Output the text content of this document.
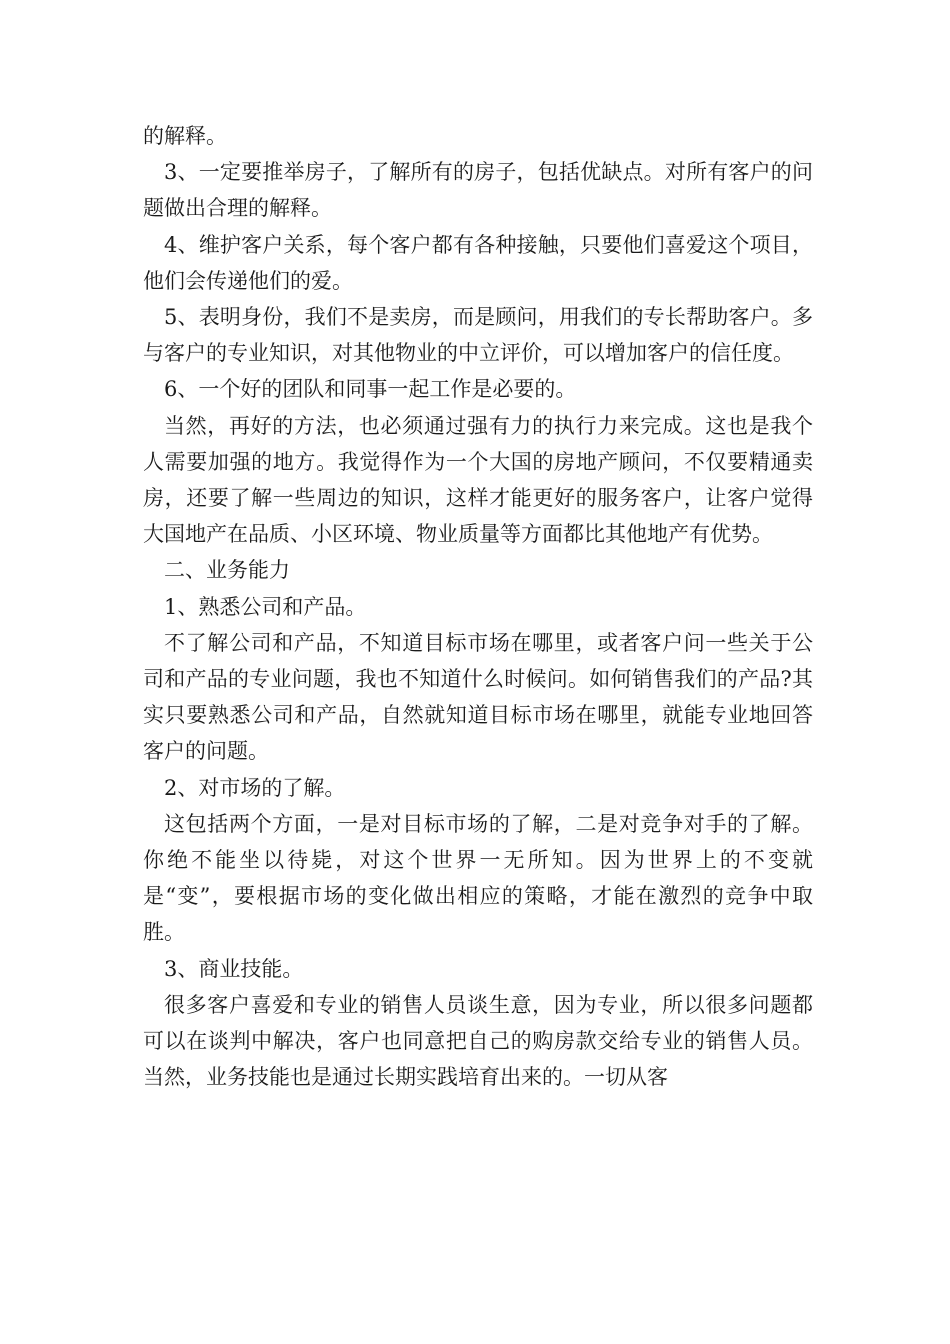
的解释。

3、一定要推举房子，了解所有的房子，包括优缺点。对所有客户的问题做出合理的解释。

4、维护客户关系，每个客户都有各种接触，只要他们喜爱这个项目，他们会传递他们的爱。

5、表明身份，我们不是卖房，而是顾问，用我们的专长帮助客户。多与客户的专业知识，对其他物业的中立评价，可以增加客户的信任度。

6、一个好的团队和同事一起工作是必要的。

当然，再好的方法，也必须通过强有力的执行力来完成。这也是我个人需要加强的地方。我觉得作为一个大国的房地产顾问，不仅要精通卖房，还要了解一些周边的知识，这样才能更好的服务客户，让客户觉得大国地产在品质、小区环境、物业质量等方面都比其他地产有优势。

二、业务能力

1、熟悉公司和产品。

不了解公司和产品，不知道目标市场在哪里，或者客户问一些关于公司和产品的专业问题，我也不知道什么时候问。如何销售我们的产品?其实只要熟悉公司和产品，自然就知道目标市场在哪里，就能专业地回答客户的问题。

2、对市场的了解。

这包括两个方面，一是对目标市场的了解，二是对竞争对手的了解。你绝不能坐以待毙，对这个世界一无所知。因为世界上的不变就是“变”，要根据市场的变化做出相应的策略，才能在激烈的竞争中取胜。

3、商业技能。

很多客户喜爱和专业的销售人员谈生意，因为专业，所以很多问题都可以在谈判中解决，客户也同意把自己的购房款交给专业的销售人员。当然，业务技能也是通过长期实践培育出来的。一切从客
